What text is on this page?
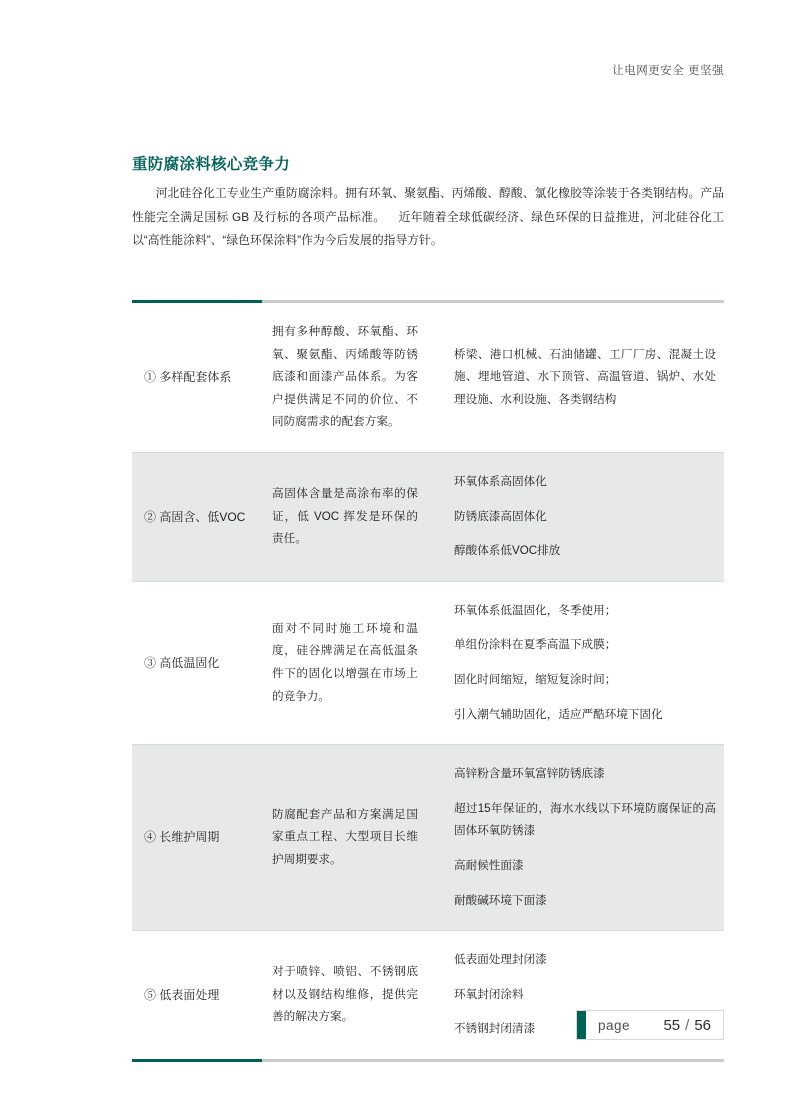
让电网更安全 更坚强
重防腐涂料核心竞争力
河北硅谷化工专业生产重防腐涂料。拥有环氧、聚氨酯、丙烯酸、醇酸、氯化橡胶等涂装于各类钢结构。产品性能完全满足国标 GB 及行标的各项产品标准。 近年随着全球低碳经济、绿色环保的日益推进，河北硅谷化工以“高性能涂料”、“绿色环保涂料”作为今后发展的指导方针。
① 多样配套体系
拥有多种醇酸、环氧酯、环氧、聚氨酯、丙烯酸等防锈底漆和面漆产品体系。为客户提供满足不同的价位、不同防腐需求的配套方案。

桥梁、港口机械、石油储罐、工厂厂房、混凝土设施、埋地管道、水下顶管、高温管道、锅炉、水处理设施、水利设施、各类钢结构

② 高固含、低VOC
高固体含量是高涂布率的保证，低 VOC 挥发是环保的责任。

环氧体系高固体化

防锈底漆高固体化

醇酸体系低VOC排放

③ 高低温固化
面对不同时施工环境和温度，硅谷牌满足在高低温条件下的固化以增强在市场上的竞争力。

环氧体系低温固化，冬季使用；

单组份涂料在夏季高温下成膜；

固化时间缩短，缩短复涂时间；

引入潮气辅助固化，适应严酷环境下固化

④ 长维护周期
防腐配套产品和方案满足国家重点工程、大型项目长维护周期要求。

高锌粉含量环氧富锌防锈底漆

超过15年保证的，海水水线以下环境防腐保证的高固体环氧防锈漆

高耐候性面漆

耐酸碱环境下面漆

⑤ 低表面处理
对于喷锌、喷铝、不锈钢底材以及钢结构维修，提供完善的解决方案。

低表面处理封闭漆

环氧封闭涂料

不锈钢封闭清漆	page 55 / 56
